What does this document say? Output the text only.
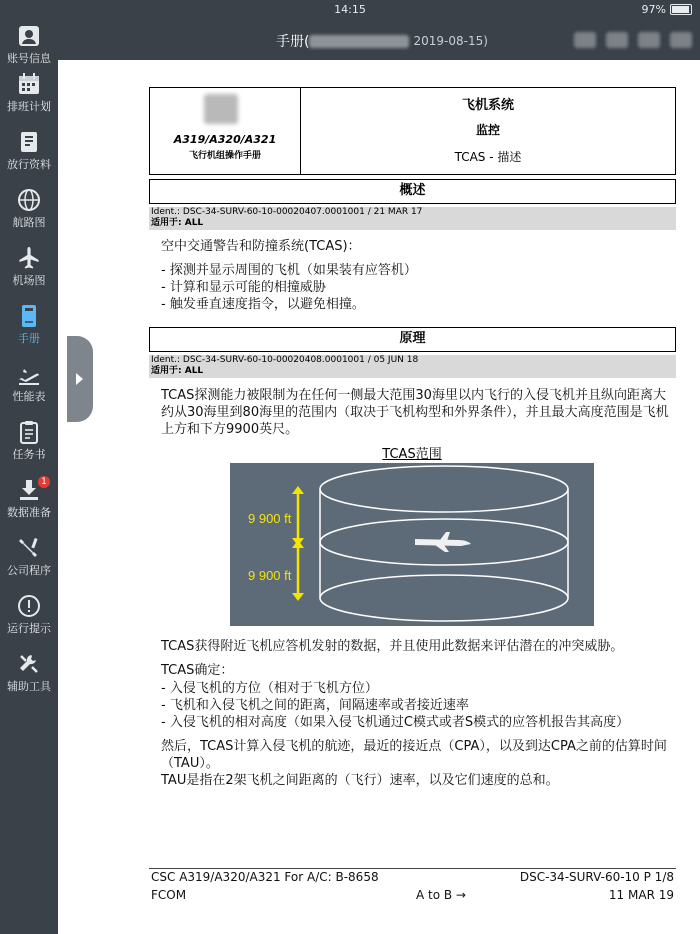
14:15	97%
账号信息
排班计划
放行资料
航路图
机场图
手册
性能表
任务书
1
数据准备
公司程序
运行提示
辅助工具
手册(	2019-08-15)
A319/A320/A321
飞行机组操作手册
飞机系统
监控
TCAS - 描述
概述
Ident.: DSC-34-SURV-60-10-00020407.0001001 / 21 MAR 17
适用于: ALL
空中交通警告和防撞系统(TCAS)：
- 探测并显示周围的飞机（如果装有应答机）
- 计算和显示可能的相撞威胁
- 触发垂直速度指令，以避免相撞。
原理
Ident.: DSC-34-SURV-60-10-00020408.0001001 / 05 JUN 18
适用于: ALL
TCAS探测能力被限制为在任何一侧最大范围30海里以内飞行的入侵飞机并且纵向距离大约从30海里到80海里的范围内（取决于飞机构型和外界条件），并且最大高度范围是飞机上方和下方9900英尺。
TCAS范围
9 900 ft
9 900 ft
TCAS获得附近飞机应答机发射的数据，并且使用此数据来评估潜在的冲突威胁。
TCAS确定：
- 入侵飞机的方位（相对于飞机方位）
- 飞机和入侵飞机之间的距离，间隔速率或者接近速率
- 入侵飞机的相对高度（如果入侵飞机通过C模式或者S模式的应答机报告其高度）
然后，TCAS计算入侵飞机的航迹，最近的接近点（CPA），以及到达CPA之前的估算时间（TAU）。
TAU是指在2架飞机之间距离的（飞行）速率，以及它们速度的总和。
CSC A319/A320/A321 For A/C: B-8658	DSC-34-SURV-60-10 P 1/8
FCOM	A to B →	11 MAR 19
